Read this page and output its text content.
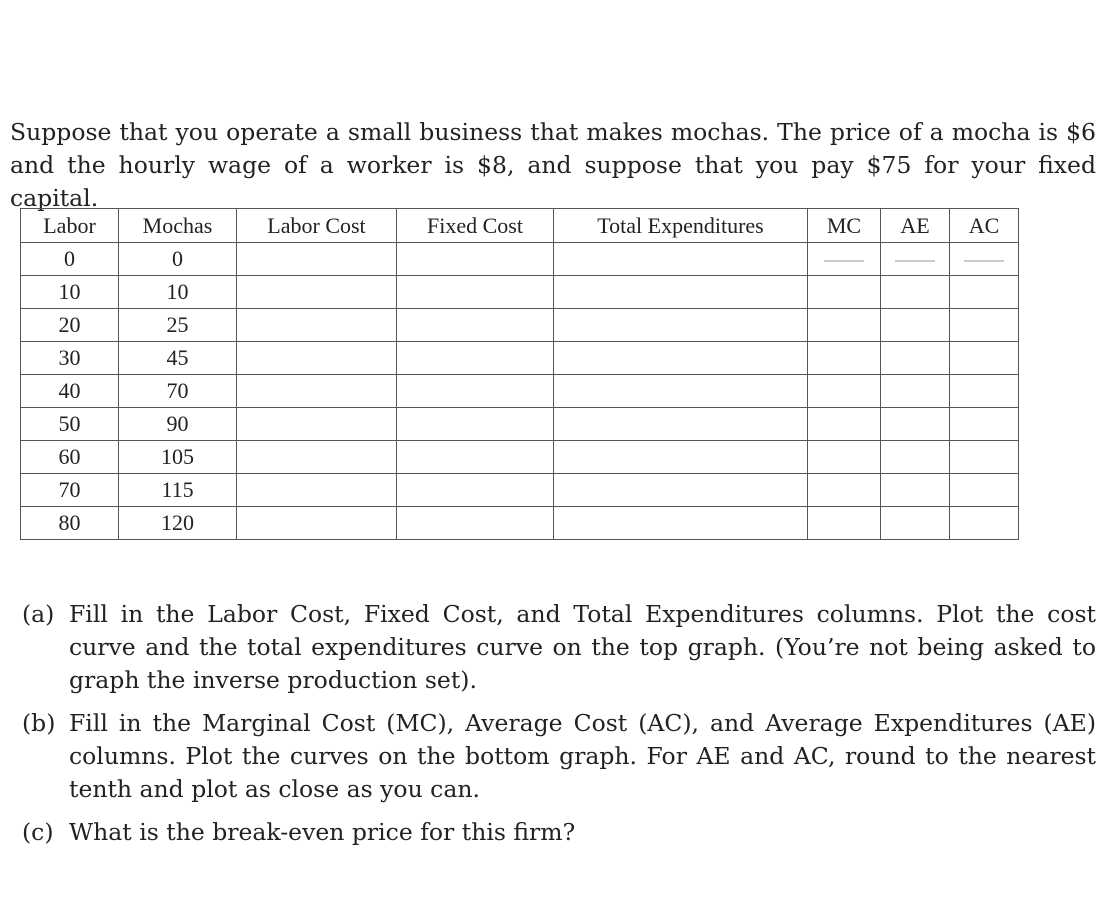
Suppose that you operate a small business that makes mochas. The price of a mocha is $6 and the hourly wage of a worker is $8, and suppose that you pay $75 for your fixed capital.

Labor	Mochas	Labor Cost	Fixed Cost	Total Expenditures	MC	AE	AC
0	0						
10	10						
20	25						
30	45						
40	70						
50	90						
60	105						
70	115						
80	120						
(a) Fill in the Labor Cost, Fixed Cost, and Total Expenditures columns. Plot the cost curve and the total expenditures curve on the top graph. (You’re not being asked to graph the inverse production set).
(b) Fill in the Marginal Cost (MC), Average Cost (AC), and Average Expenditures (AE) columns. Plot the curves on the bottom graph. For AE and AC, round to the nearest tenth and plot as close as you can.
(c) What is the break-even price for this firm?
